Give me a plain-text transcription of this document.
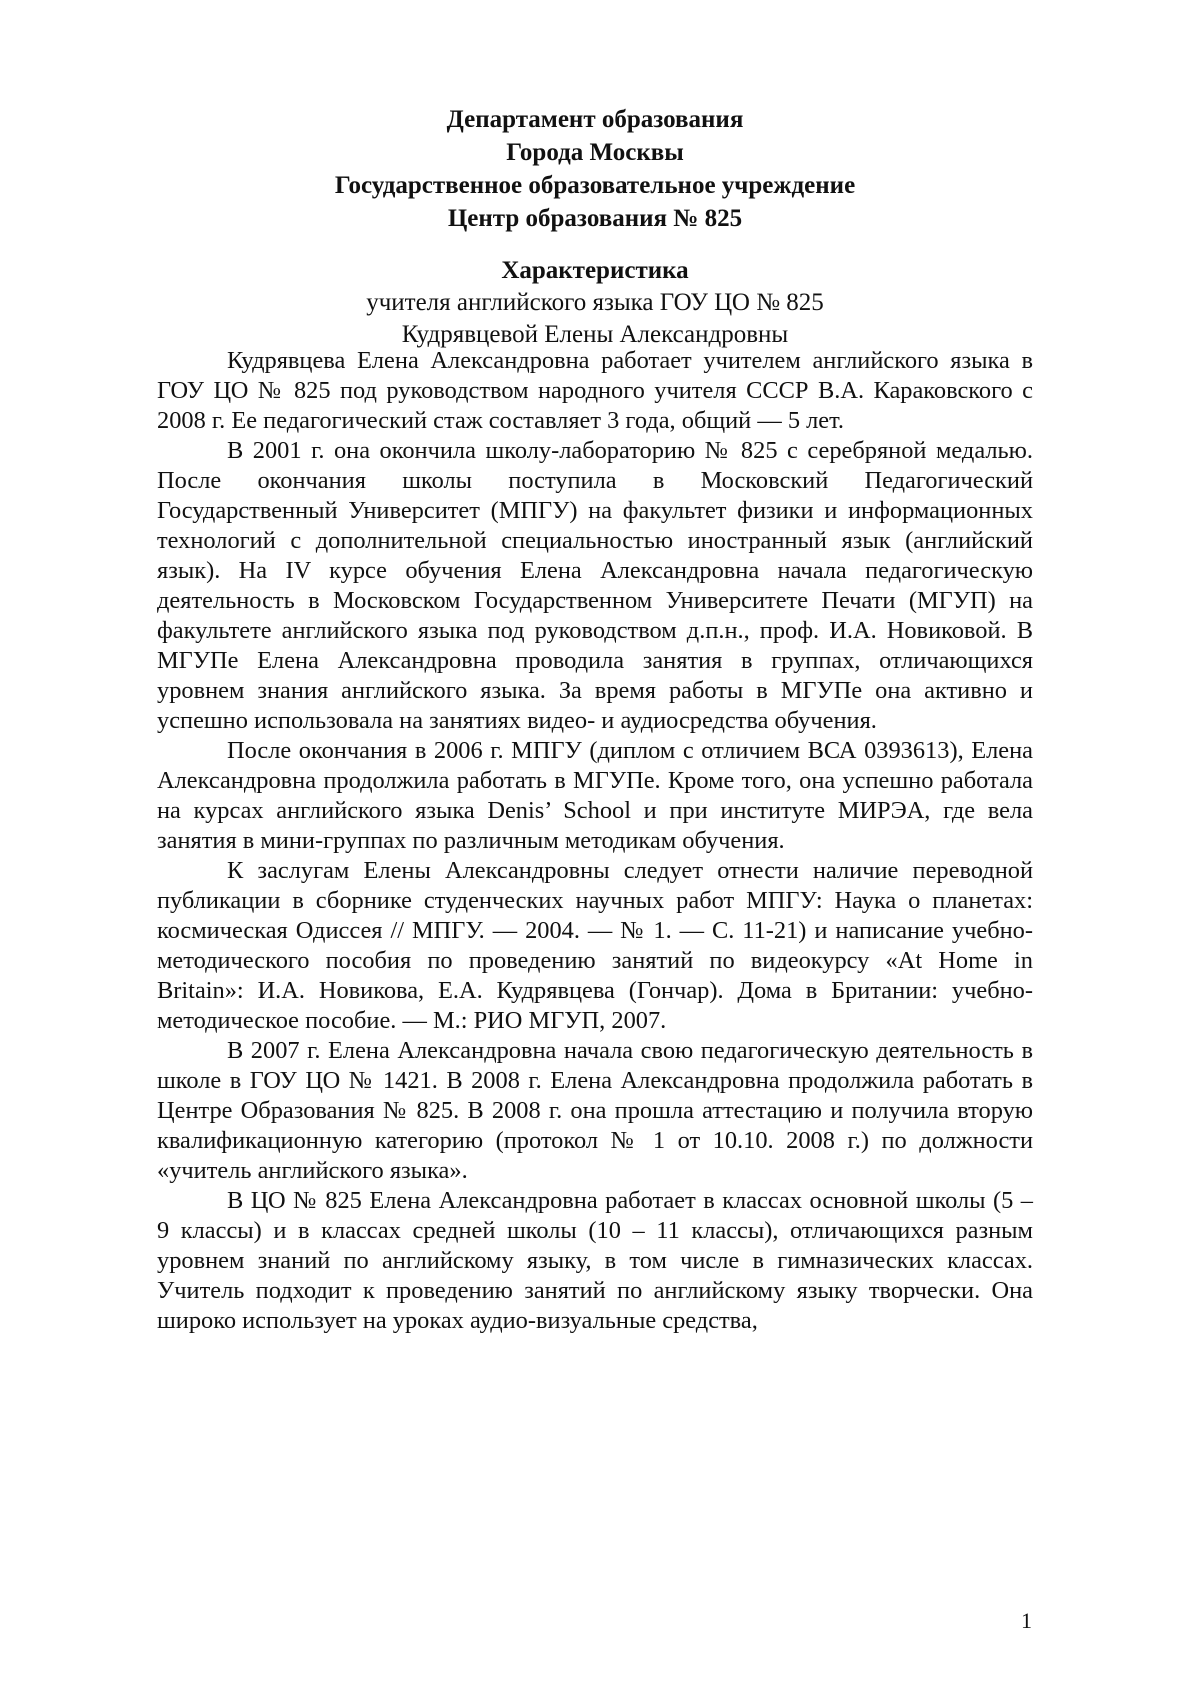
Департамент образования
Города Москвы
Государственное образовательное учреждение
Центр образования № 825
Характеристика
учителя английского языка ГОУ ЦО № 825
Кудрявцевой Елены Александровны

Кудрявцева Елена Александровна работает учителем английского языка в ГОУ ЦО № 825 под руководством народного учителя СССР В.А. Караковского с 2008 г. Ее педагогический стаж составляет 3 года, общий — 5 лет.

В 2001 г. она окончила школу-лабораторию № 825 с серебряной медалью. После окончания школы поступила в Московский Педагогический Государственный Университет (МПГУ) на факультет физики и информационных технологий с дополнительной специальностью иностранный язык (английский язык). На IV курсе обучения Елена Александровна начала педагогическую деятельность в Московском Государственном Университете Печати (МГУП) на факультете английского языка под руководством д.п.н., проф. И.А. Новиковой. В МГУПе Елена Александровна проводила занятия в группах, отличающихся уровнем знания английского языка. За время работы в МГУПе она активно и успешно использовала на занятиях видео- и аудиосредства обучения.

После окончания в 2006 г. МПГУ (диплом с отличием ВСА 0393613), Елена Александровна продолжила работать в МГУПе. Кроме того, она успешно работала на курсах английского языка Denis’ School и при институте МИРЭА, где вела занятия в мини-группах по различным методикам обучения.

К заслугам Елены Александровны следует отнести наличие переводной публикации в сборнике студенческих научных работ МПГУ: Наука о планетах: космическая Одиссея // МПГУ. — 2004. — № 1. — С. 11-21) и написание учебно-методического пособия по проведению занятий по видеокурсу «At Home in Britain»: И.А. Новикова, Е.А. Кудрявцева (Гончар). Дома в Британии: учебно-методическое пособие. — М.: РИО МГУП, 2007.

В 2007 г. Елена Александровна начала свою педагогическую деятельность в школе в ГОУ ЦО № 1421. В 2008 г. Елена Александровна продолжила работать в Центре Образования № 825. В 2008 г. она прошла аттестацию и получила вторую квалификационную категорию (протокол № 1 от 10.10. 2008 г.) по должности «учитель английского языка».

В ЦО № 825 Елена Александровна работает в классах основной школы (5 – 9 классы) и в классах средней школы (10 – 11 классы), отличающихся разным уровнем знаний по английскому языку, в том числе в гимназических классах. Учитель подходит к проведению занятий по английскому языку творчески. Она широко использует на уроках аудио-визуальные средства,

1
